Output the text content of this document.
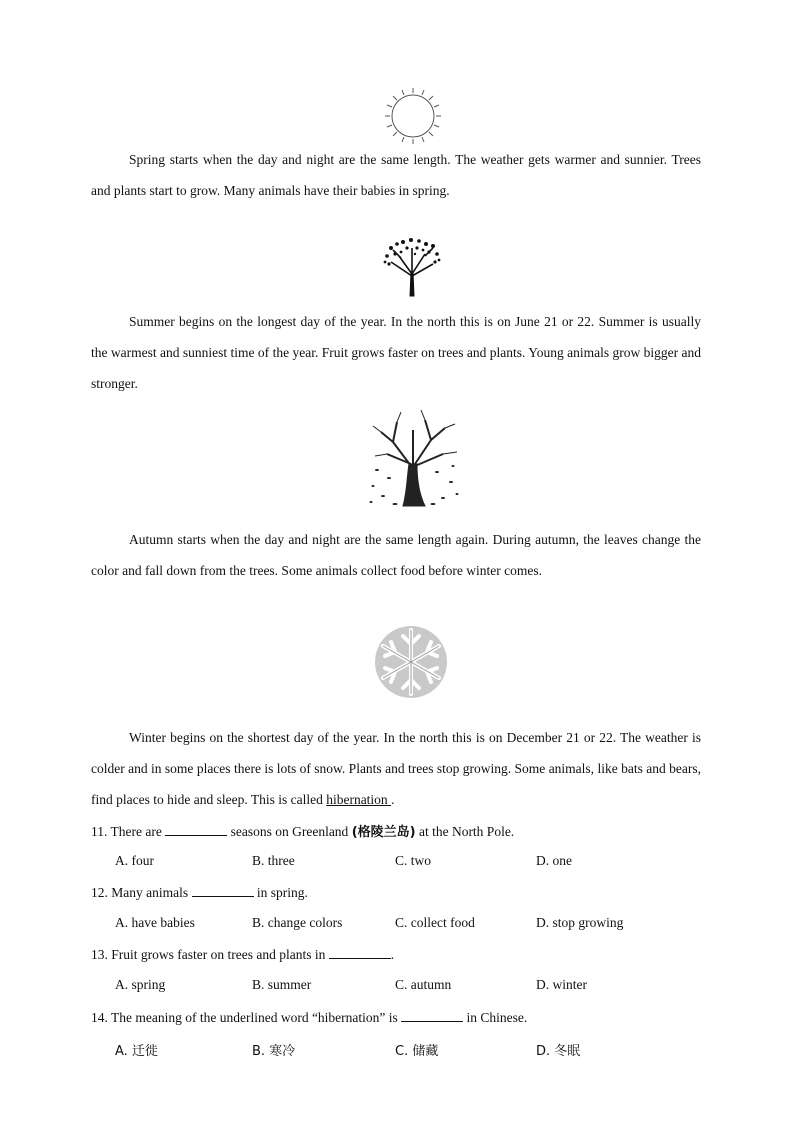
Spring starts when the day and night are the same length. The weather gets warmer and sunnier. Trees and plants start to grow. Many animals have their babies in spring.

Summer begins on the longest day of the year. In the north this is on June 21 or 22. Summer is usually the warmest and sunniest time of the year. Fruit grows faster on trees and plants. Young animals grow bigger and stronger.

Autumn starts when the day and night are the same length again. During autumn, the leaves change the color and fall down from the trees. Some animals collect food before winter comes.

Winter begins on the shortest day of the year. In the north this is on December 21 or 22. The weather is colder and in some places there is lots of snow. Plants and trees stop growing. Some animals, like bats and bears, find places to hide and sleep. This is called hibernation .

11. There are	seasons on Greenland (格陵兰岛) at the North Pole.
A. four	B. three	C. two	D. one
12. Many animals	in spring.
A. have babies	B. change colors	C. collect food	D. stop growing
13. Fruit grows faster on trees and plants in	.
A. spring	B. summer	C. autumn	D. winter
14. The meaning of the underlined word “hibernation” is	in Chinese.
A. 迁徙	B. 寒冷	C. 储藏	D. 冬眠
